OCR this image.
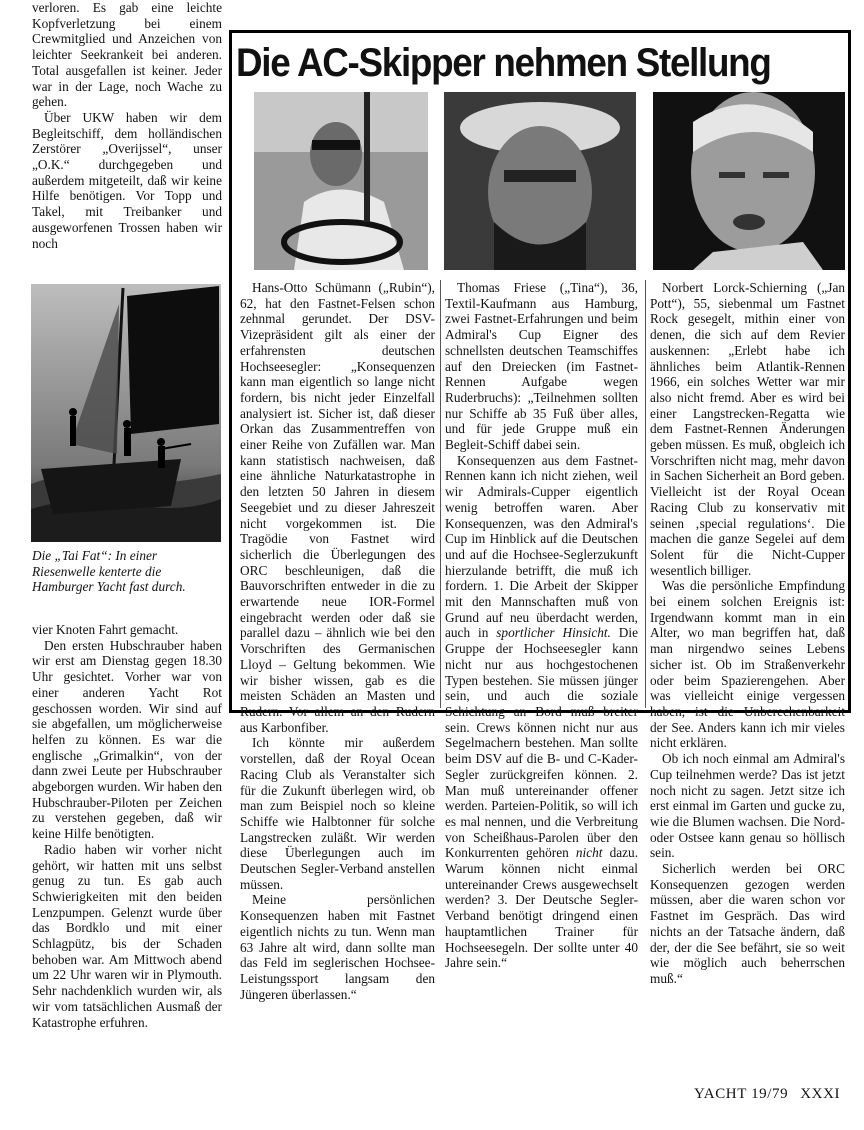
verloren. Es gab eine leichte Kopfverletzung bei einem Crewmitglied und Anzeichen von leichter Seekrankeit bei anderen. Total ausgefallen ist keiner. Jeder war in der Lage, noch Wache zu gehen.

Über UKW haben wir dem Begleitschiff, dem holländischen Zerstörer „Overijssel“, unser „O.K.“ durchgegeben und außerdem mitgeteilt, daß wir keine Hilfe benötigen. Vor Topp und Takel, mit Treibanker und ausgeworfenen Trossen haben wir noch

Die „Tai Fat“: In einer Riesenwelle kenterte die Hamburger Yacht fast durch.

vier Knoten Fahrt gemacht.

Den ersten Hubschrauber haben wir erst am Dienstag gegen 18.30 Uhr gesichtet. Vorher war von einer anderen Yacht Rot geschossen worden. Wir sind auf sie abgefallen, um möglicherweise helfen zu können. Es war die englische „Grimalkin“, von der dann zwei Leute per Hubschrauber abgeborgen wurden. Wir haben den Hubschrauber-Piloten per Zeichen zu verstehen gegeben, daß wir keine Hilfe benötigten.

Radio haben wir vorher nicht gehört, wir hatten mit uns selbst genug zu tun. Es gab auch Schwierigkeiten mit den beiden Lenzpumpen. Gelenzt wurde über das Bordklo und mit einer Schlagpütz, bis der Schaden behoben war. Am Mittwoch abend um 22 Uhr waren wir in Plymouth. Sehr nachdenklich wurden wir, als wir vom tatsächlichen Ausmaß der Katastrophe erfuhren.

Die AC-Skipper nehmen Stellung

Hans-Otto Schümann („Rubin“), 62, hat den Fastnet-Felsen schon zehnmal gerundet. Der DSV-Vizepräsident gilt als einer der erfahrensten deutschen Hochseesegler: „Konsequenzen kann man eigentlich so lange nicht fordern, bis nicht jeder Einzelfall analysiert ist. Sicher ist, daß dieser Orkan das Zusammentreffen von einer Reihe von Zufällen war. Man kann statistisch nachweisen, daß eine ähnliche Naturkatastrophe in den letzten 50 Jahren in diesem Seegebiet und zu dieser Jahreszeit nicht vorgekommen ist. Die Tragödie von Fastnet wird sicherlich die Überlegungen des ORC beschleunigen, daß die Bauvorschriften entweder in die zu erwartende neue IOR-Formel eingebracht werden oder daß sie parallel dazu – ähnlich wie bei den Vorschriften des Germanischen Lloyd – Geltung bekommen. Wie wir bisher wissen, gab es die meisten Schäden an Masten und Rudern. Vor allem an den Rudern aus Karbonfiber.

Ich könnte mir außerdem vorstellen, daß der Royal Ocean Racing Club als Veranstalter sich für die Zukunft überlegen wird, ob man zum Beispiel noch so kleine Schiffe wie Halbtonner für solche Langstrecken zuläßt. Wir werden diese Überlegungen auch im Deutschen Segler-Verband anstellen müssen.

Meine persönlichen Konsequenzen haben mit Fastnet eigentlich nichts zu tun. Wenn man 63 Jahre alt wird, dann sollte man das Feld im seglerischen Hochsee-Leistungssport langsam den Jüngeren überlassen.“

Thomas Friese („Tina“), 36, Textil-Kaufmann aus Hamburg, zwei Fastnet-Erfahrungen und beim Admiral's Cup Eigner des schnellsten deutschen Teamschiffes auf den Dreiecken (im Fastnet-Rennen Aufgabe wegen Ruderbruchs): „Teilnehmen sollten nur Schiffe ab 35 Fuß über alles, und für jede Gruppe muß ein Begleit-Schiff dabei sein.

Konsequenzen aus dem Fastnet-Rennen kann ich nicht ziehen, weil wir Admirals-Cupper eigentlich wenig betroffen waren. Aber Konsequenzen, was den Admiral's Cup im Hinblick auf die Deutschen und auf die Hochsee-Seglerzukunft hierzulande betrifft, die muß ich fordern. 1. Die Arbeit der Skipper mit den Mannschaften muß von Grund auf neu überdacht werden, auch in sportlicher Hinsicht. Die Gruppe der Hochseesegler kann nicht nur aus hochgestochenen Typen bestehen. Sie müssen jünger sein, und auch die soziale Schichtung an Bord muß breiter sein. Crews können nicht nur aus Segelmachern bestehen. Man sollte beim DSV auf die B- und C-Kader-Segler zurückgreifen können. 2. Man muß untereinander offener werden. Parteien-Politik, so will ich es mal nennen, und die Verbreitung von Scheißhaus-Parolen über den Konkurrenten gehören nicht dazu. Warum können nicht einmal untereinander Crews ausgewechselt werden? 3. Der Deutsche Segler-Verband benötigt dringend einen hauptamtlichen Trainer für Hochseesegeln. Der sollte unter 40 Jahre sein.“

Norbert Lorck-Schierning („Jan Pott“), 55, siebenmal um Fastnet Rock gesegelt, mithin einer von denen, die sich auf dem Revier auskennen: „Erlebt habe ich ähnliches beim Atlantik-Rennen 1966, ein solches Wetter war mir also nicht fremd. Aber es wird bei einer Langstrecken-Regatta wie dem Fastnet-Rennen Änderungen geben müssen. Es muß, obgleich ich Vorschriften nicht mag, mehr davon in Sachen Sicherheit an Bord geben. Vielleicht ist der Royal Ocean Racing Club zu konservativ mit seinen ‚special regulations‘. Die machen die ganze Segelei auf dem Solent für die Nicht-Cupper wesentlich billiger.

Was die persönliche Empfindung bei einem solchen Ereignis ist: Irgendwann kommt man in ein Alter, wo man begriffen hat, daß man nirgendwo seines Lebens sicher ist. Ob im Straßenverkehr oder beim Spazierengehen. Aber was vielleicht einige vergessen haben, ist die Unberechenbarkeit der See. Anders kann ich mir vieles nicht erklären.

Ob ich noch einmal am Admiral's Cup teilnehmen werde? Das ist jetzt noch nicht zu sagen. Jetzt sitze ich erst einmal im Garten und gucke zu, wie die Blumen wachsen. Die Nord- oder Ostsee kann genau so höllisch sein.

Sicherlich werden bei ORC Konsequenzen gezogen werden müssen, aber die waren schon vor Fastnet im Gespräch. Das wird nichts an der Tatsache ändern, daß der, der die See befährt, sie so weit wie möglich auch beherrschen muß.“

YACHT 19/79 XXXI
